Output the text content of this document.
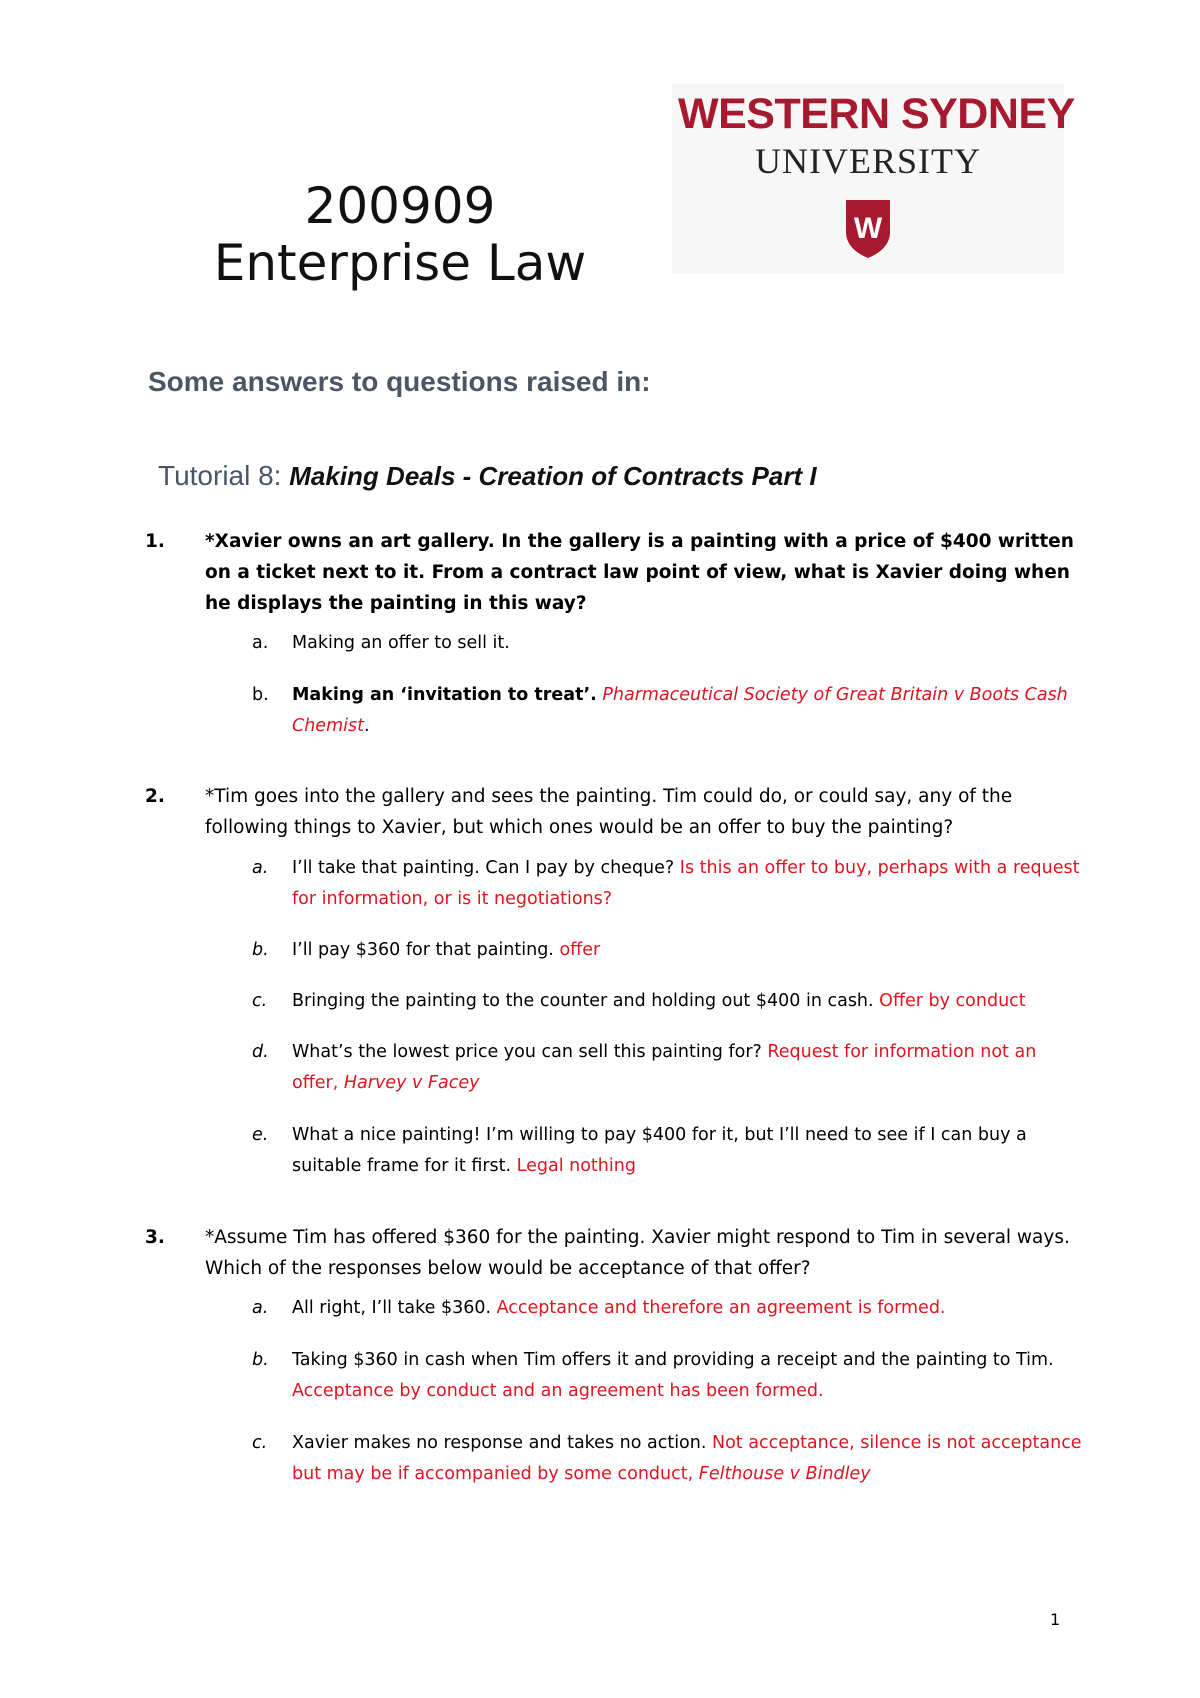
200909
Enterprise Law
WESTERN SYDNEY
UNIVERSITY
W
Some answers to questions raised in:
Tutorial 8: Making Deals - Creation of Contracts Part I
1. *Xavier owns an art gallery. In the gallery is a painting with a price of $400 written on a ticket next to it. From a contract law point of view, what is Xavier doing when he displays the painting in this way?
a. Making an offer to sell it.
b. Making an ‘invitation to treat’. Pharmaceutical Society of Great Britain v Boots Cash Chemist.
2. *Tim goes into the gallery and sees the painting. Tim could do, or could say, any of the following things to Xavier, but which ones would be an offer to buy the painting?
a. I’ll take that painting. Can I pay by cheque? Is this an offer to buy, perhaps with a request for information, or is it negotiations?
b. I’ll pay $360 for that painting. offer
c. Bringing the painting to the counter and holding out $400 in cash. Offer by conduct
d. What’s the lowest price you can sell this painting for? Request for information not an offer, Harvey v Facey
e. What a nice painting! I’m willing to pay $400 for it, but I’ll need to see if I can buy a suitable frame for it first. Legal nothing
3. *Assume Tim has offered $360 for the painting. Xavier might respond to Tim in several ways. Which of the responses below would be acceptance of that offer?
a. All right, I’ll take $360. Acceptance and therefore an agreement is formed.
b. Taking $360 in cash when Tim offers it and providing a receipt and the painting to Tim. Acceptance by conduct and an agreement has been formed.
c. Xavier makes no response and takes no action. Not acceptance, silence is not acceptance but may be if accompanied by some conduct, Felthouse v Bindley
1
